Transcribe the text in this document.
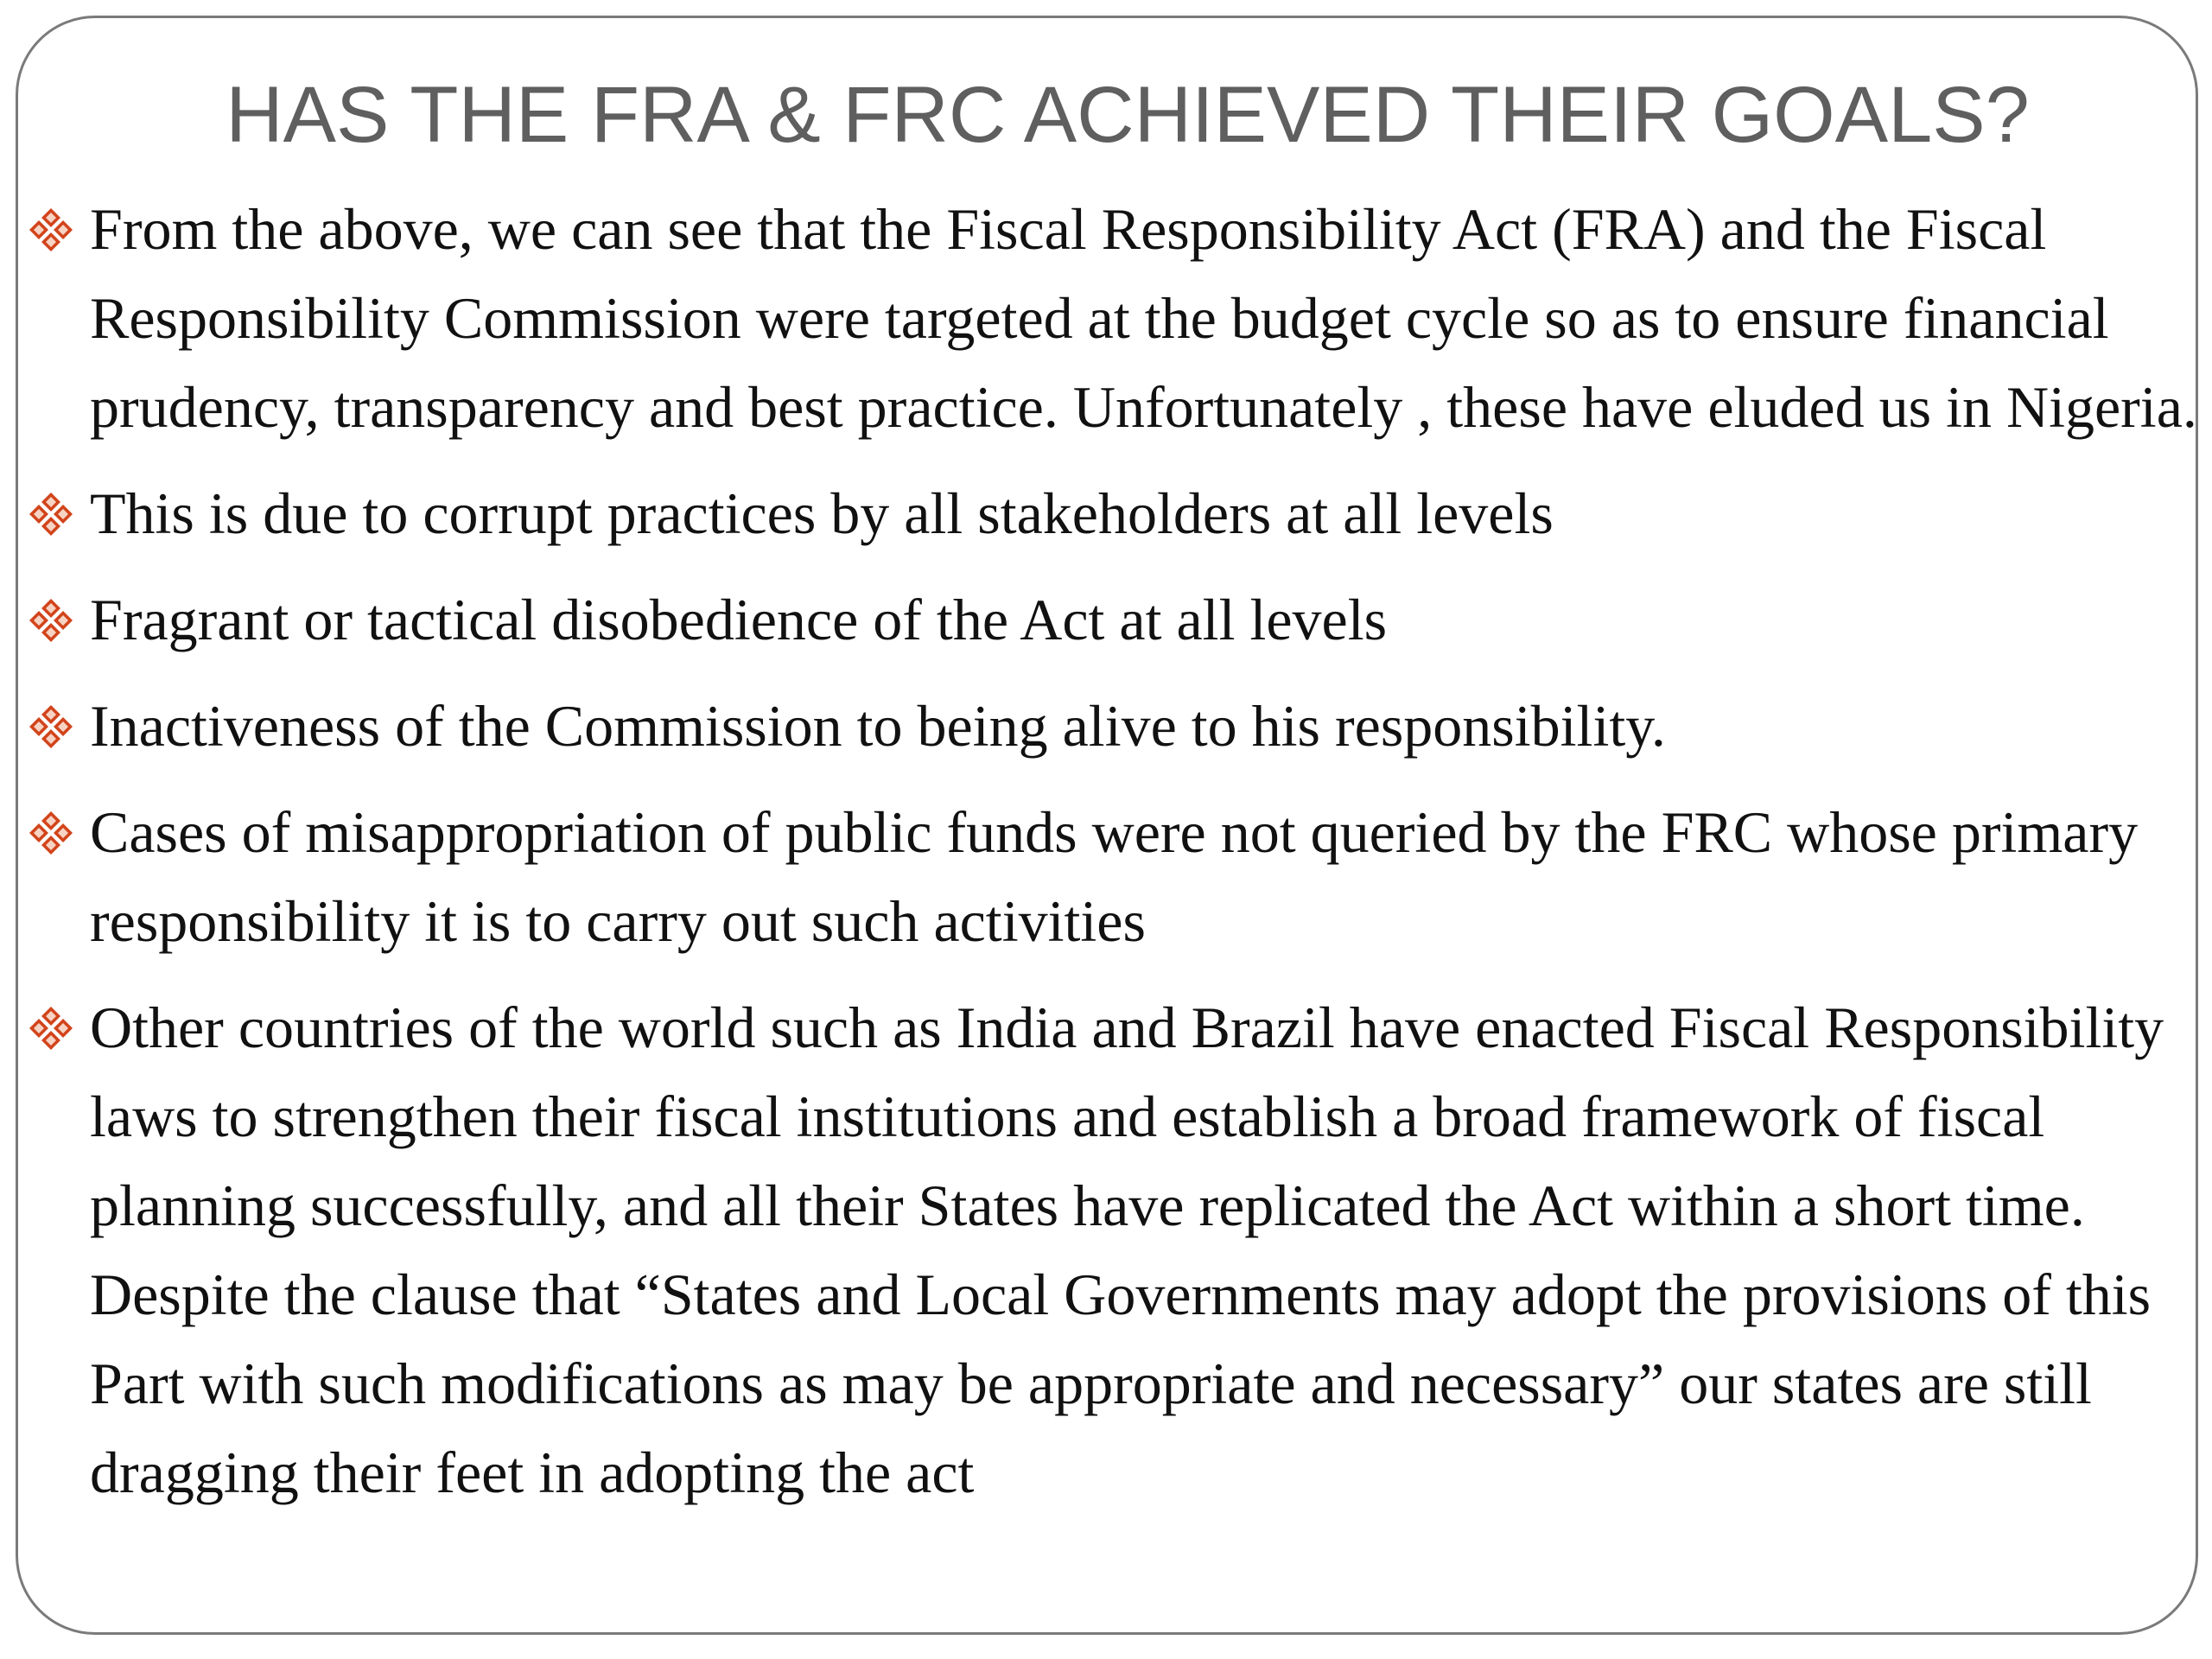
HAS THE FRA & FRC ACHIEVED THEIR GOALS?
From the above, we can see that the Fiscal Responsibility Act (FRA) and the Fiscal Responsibility Commission were targeted at the budget cycle so as to ensure financial prudency, transparency and best practice. Unfortunately , these have eluded us in Nigeria.
This is due to corrupt practices by all stakeholders at all levels
Fragrant or tactical disobedience of the Act at all levels
Inactiveness of the Commission to being alive to his responsibility.
Cases of misappropriation of public funds were not queried by the FRC whose primary responsibility it is to carry out such activities
Other countries of the world such as India and Brazil have enacted Fiscal Responsibility laws to strengthen their fiscal institutions and establish a broad framework of fiscal planning successfully, and all their States have replicated the Act within a short time. Despite the clause that “States and Local Governments may adopt the provisions of this Part with such modifications as may be appropriate and necessary” our states are still dragging their feet in adopting the act
